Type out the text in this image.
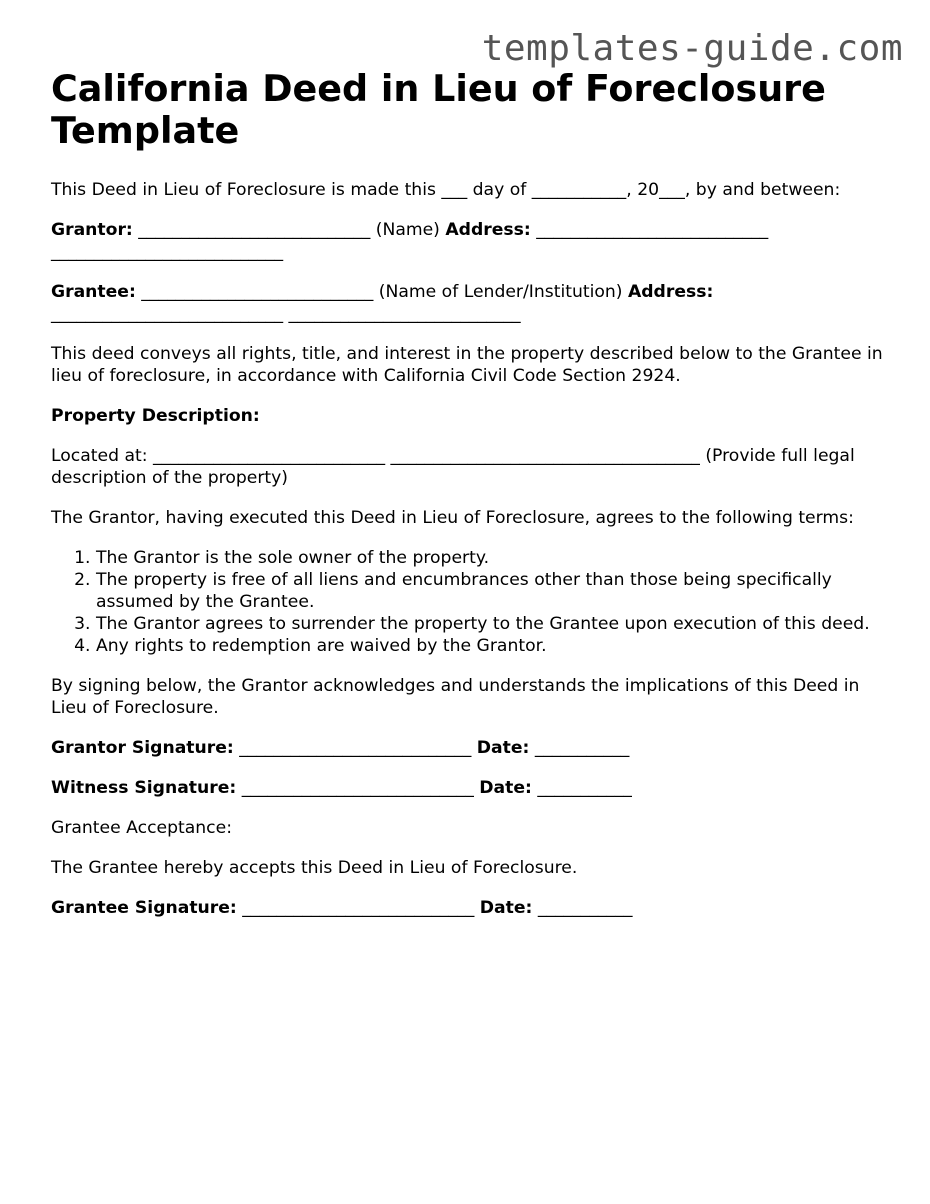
templates-guide.com
California Deed in Lieu of Foreclosure Template

This Deed in Lieu of Foreclosure is made this ___ day of ___________, 20___, by and between:

Grantor: ___________________________ (Name) Address: ___________________________ ___________________________

Grantee: ___________________________ (Name of Lender/Institution) Address: ___________________________ ___________________________

This deed conveys all rights, title, and interest in the property described below to the Grantee in lieu of foreclosure, in accordance with California Civil Code Section 2924.

Property Description:

Located at: ___________________________ ____________________________________ (Provide full legal description of the property)

The Grantor, having executed this Deed in Lieu of Foreclosure, agrees to the following terms:

1. The Grantor is the sole owner of the property.
2. The property is free of all liens and encumbrances other than those being specifically assumed by the Grantee.
3. The Grantor agrees to surrender the property to the Grantee upon execution of this deed.
4. Any rights to redemption are waived by the Grantor.

By signing below, the Grantor acknowledges and understands the implications of this Deed in Lieu of Foreclosure.

Grantor Signature: ___________________________ Date: ___________

Witness Signature: ___________________________ Date: ___________

Grantee Acceptance:

The Grantee hereby accepts this Deed in Lieu of Foreclosure.

Grantee Signature: ___________________________ Date: ___________
